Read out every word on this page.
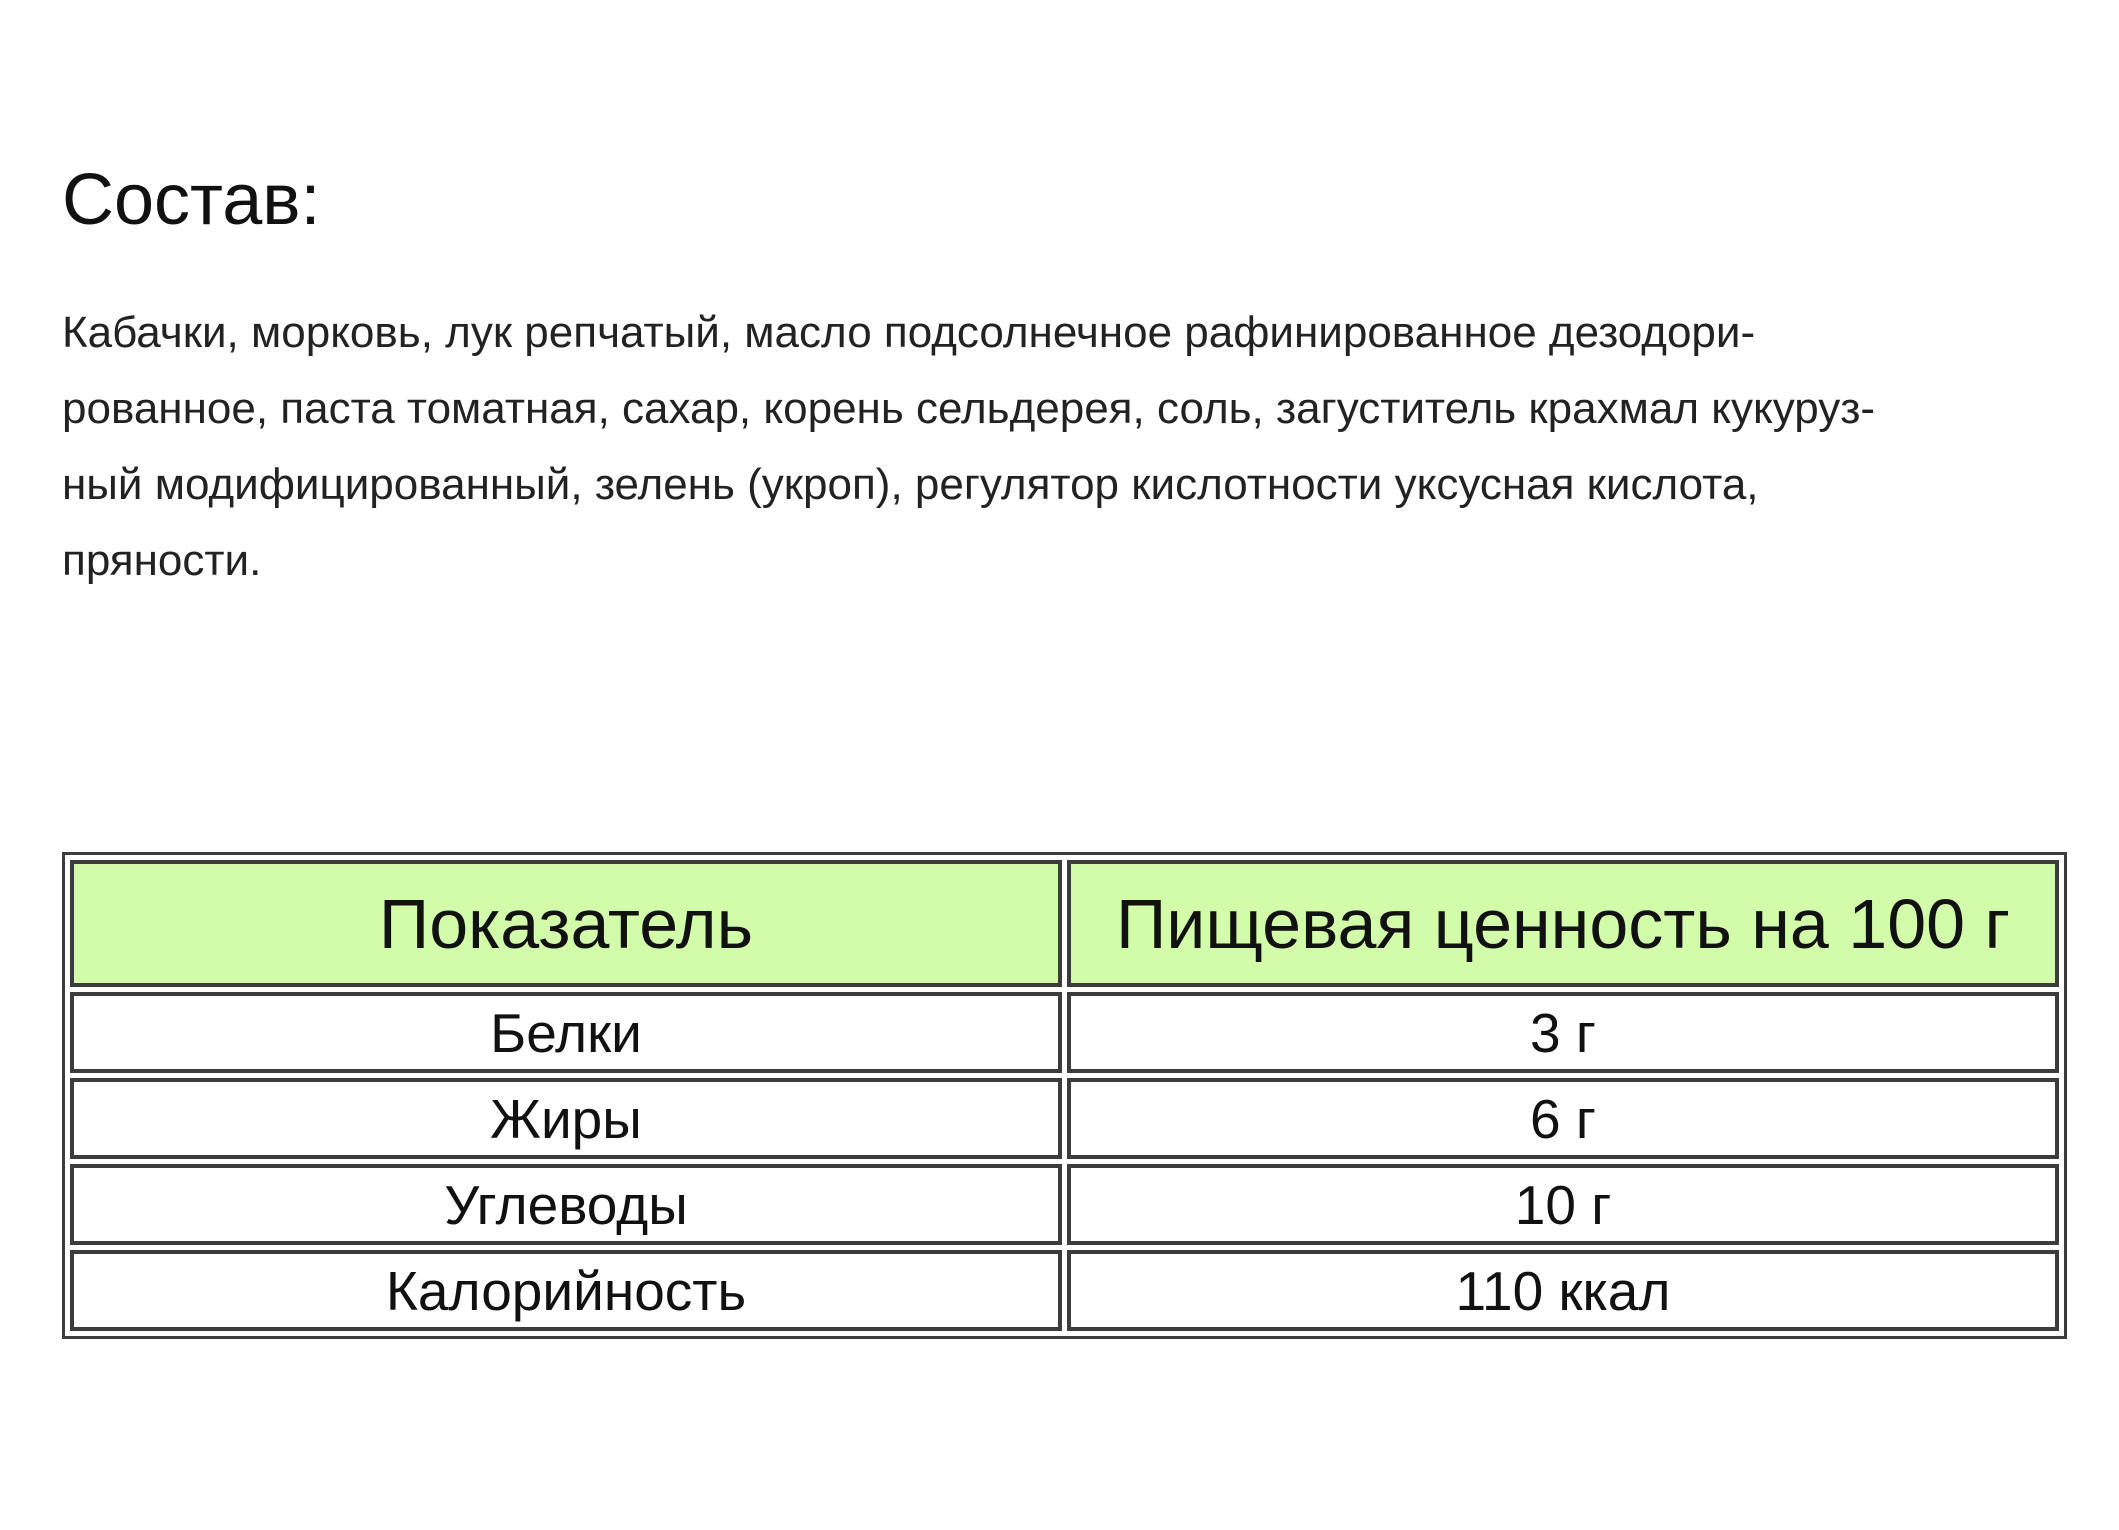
Состав:
Кабачки, морковь, лук репчатый, масло подсолнечное рафинированное дезодори-
рованное, паста томатная, сахар, корень сельдерея, соль, загуститель крахмал кукуруз-
ный модифицированный, зелень (укроп), регулятор кислотности уксусная кислота,
пряности.
Показатель	Пищевая ценность на 100 г
Белки	3 г
Жиры	6 г
Углеводы	10 г
Калорийность	110 ккал
